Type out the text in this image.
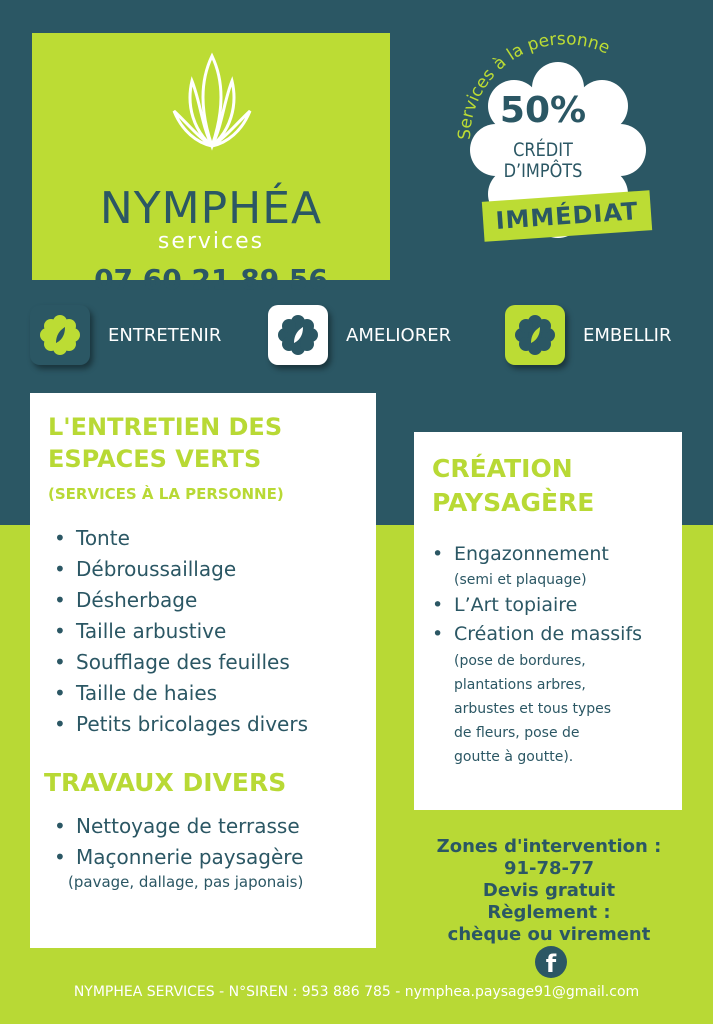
NYMPHÉA
services
07 60 21 89 56
Services à la personne
50%
CRÉDIT
D’IMPÔTS
IMMÉDIAT
ENTRETENIR	AMELIORER	EMBELLIR
L'ENTRETIEN DES
ESPACES VERTS
(SERVICES À LA PERSONNE)
• Tonte
• Débroussaillage
• Désherbage
• Taille arbustive
• Soufflage des feuilles
• Taille de haies
• Petits bricolages divers
TRAVAUX DIVERS
• Nettoyage de terrasse
• Maçonnerie paysagère
(pavage, dallage, pas japonais)
CRÉATION
PAYSAGÈRE
• Engazonnement
(semi et plaquage)
• L’Art topiaire
• Création de massifs
(pose de bordures,
plantations arbres,
arbustes et tous types
de fleurs, pose de
goutte à goutte).
Zones d'intervention :
91-78-77
Devis gratuit
Règlement :
chèque ou virement
f
NYMPHEA SERVICES - N°SIREN : 953 886 785 - nymphea.paysage91@gmail.com
